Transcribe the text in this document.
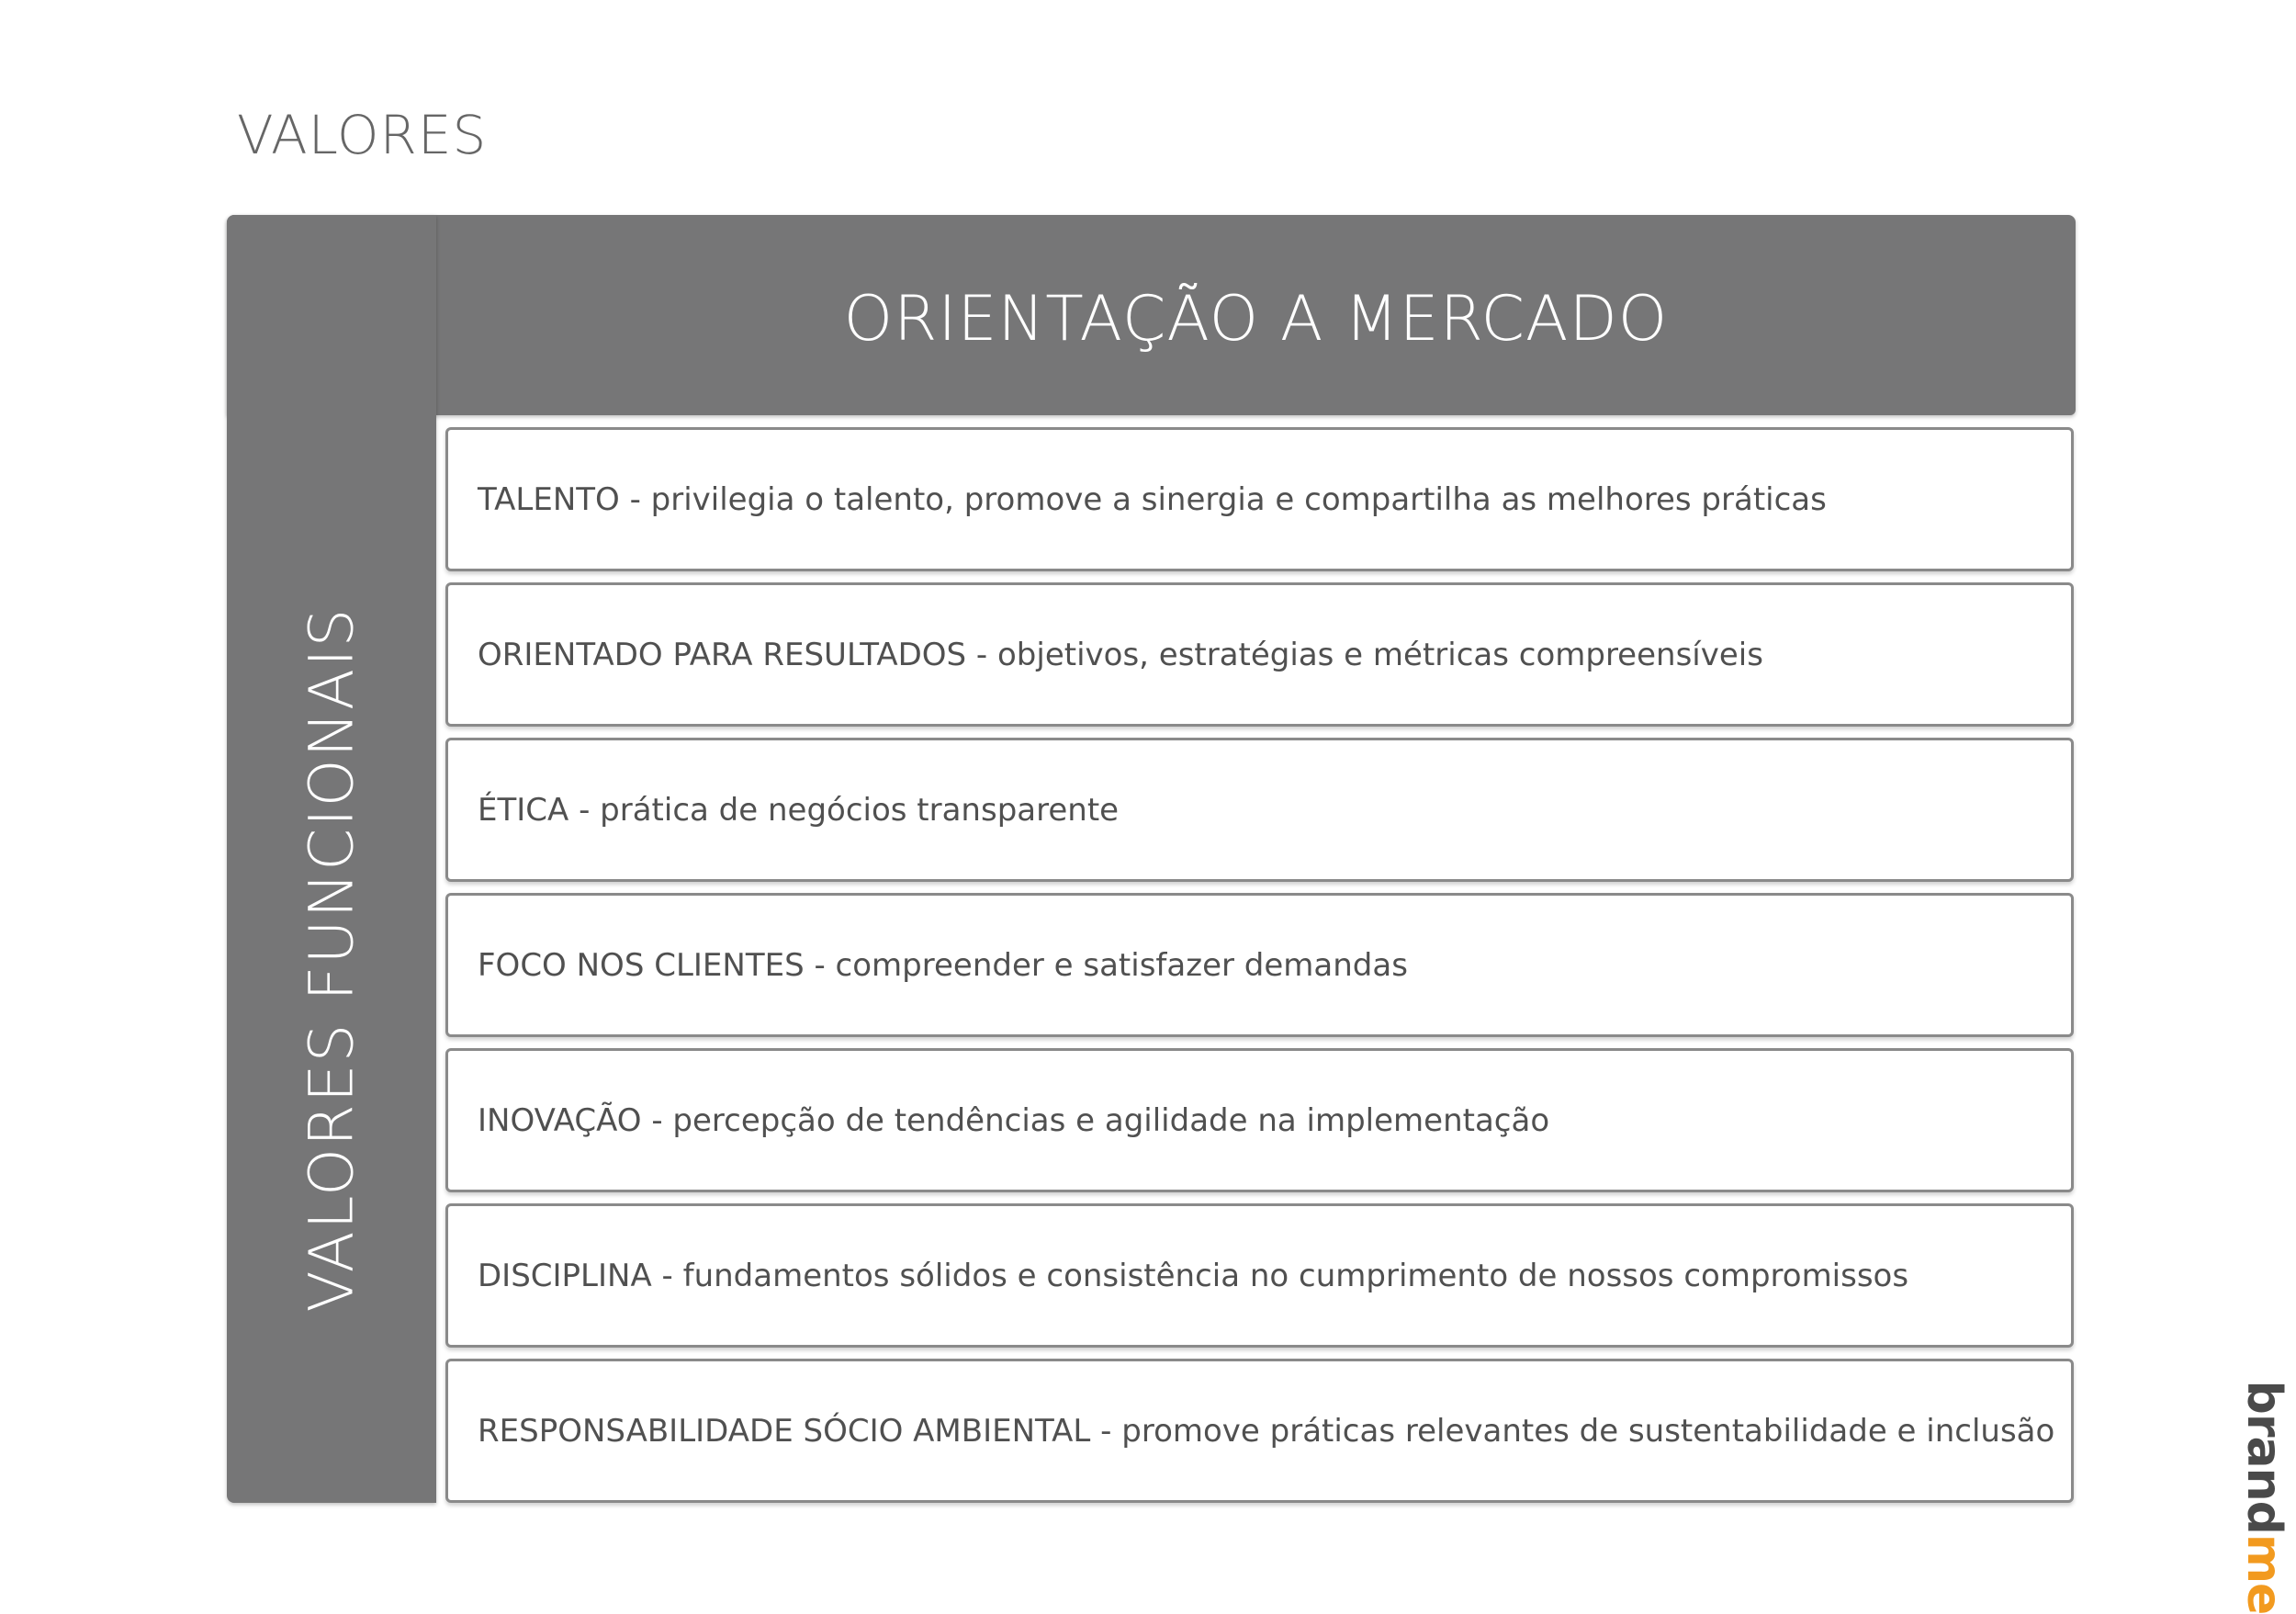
VALORES
ORIENTAÇÃO A MERCADO
VALORES FUNCIONAIS
TALENTO - privilegia o talento, promove a sinergia e compartilha as melhores práticas
ORIENTADO PARA RESULTADOS - objetivos, estratégias e métricas compreensíveis
ÉTICA - prática de negócios transparente
FOCO NOS CLIENTES - compreender e satisfazer demandas
INOVAÇÃO - percepção de tendências e agilidade na implementação
DISCIPLINA - fundamentos sólidos e consistência no cumprimento de nossos compromissos
RESPONSABILIDADE SÓCIO AMBIENTAL - promove práticas relevantes de sustentabilidade e inclusão	brandme
